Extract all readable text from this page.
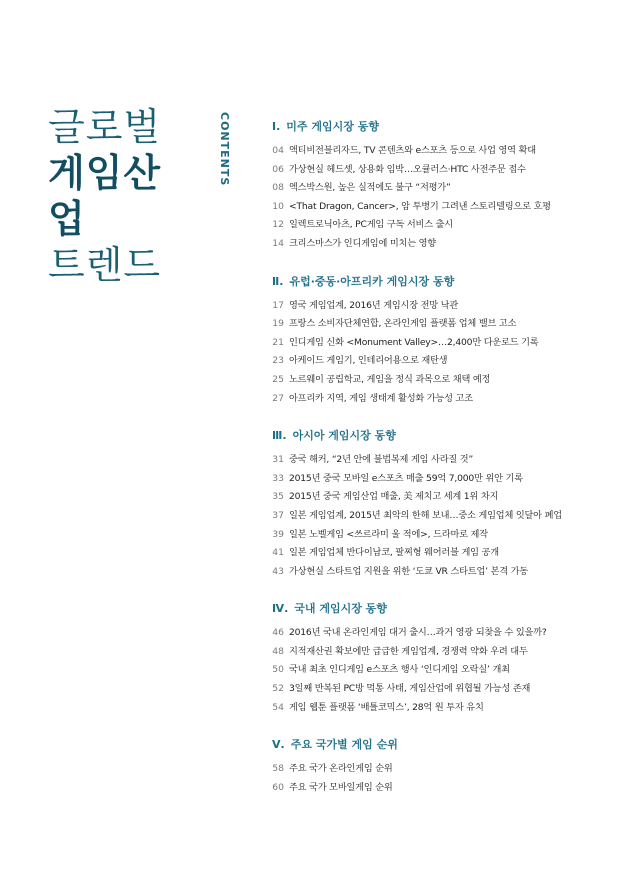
글로벌
게임산업
트렌드
CONTENTS	Ⅰ. 미주 게임시장 동향
04 액티비전블리자드, TV 콘텐츠와 e스포츠 등으로 사업 영역 확대
06 가상현실 헤드셋, 상용화 임박…오큘러스·HTC 사전주문 접수
08 엑스박스원, 높은 실적에도 불구 “저평가”
10 <That Dragon, Cancer>, 암 투병기 그려낸 스토리텔링으로 호평
12 일렉트로닉아츠, PC게임 구독 서비스 출시
14 크리스마스가 인디게임에 미치는 영향
Ⅱ. 유럽·중동·아프리카 게임시장 동향
17 영국 게임업계, 2016년 게임시장 전망 낙관
19 프랑스 소비자단체연합, 온라인게임 플랫폼 업체 밸브 고소
21 인디게임 신화 <Monument Valley>…2,400만 다운로드 기록
23 아케이드 게임기, 인테리어용으로 재탄생
25 노르웨이 공립학교, 게임을 정식 과목으로 채택 예정
27 아프리카 지역, 게임 생태계 활성화 가능성 고조
Ⅲ. 아시아 게임시장 동향
31 중국 해커, “2년 안에 불법복제 게임 사라질 것”
33 2015년 중국 모바일 e스포츠 매출 59억 7,000만 위안 기록
35 2015년 중국 게임산업 매출, 美 제치고 세계 1위 차지
37 일본 게임업계, 2015년 최악의 한해 보내…중소 게임업체 잇달아 폐업
39 일본 노벨게임 <쓰르라미 울 적에>, 드라마로 제작
41 일본 게임업체 반다이남코, 팔찌형 웨어러블 게임 공개
43 가상현실 스타트업 지원을 위한 ‘도쿄 VR 스타트업’ 본격 가동
Ⅳ. 국내 게임시장 동향
46 2016년 국내 온라인게임 대거 출시…과거 영광 되찾을 수 있을까?
48 지적재산권 확보에만 급급한 게임업계, 경쟁력 약화 우려 대두
50 국내 최초 인디게임 e스포츠 행사 ‘인디게임 오락실’ 개최
52 3일째 반복된 PC방 먹통 사태, 게임산업에 위협될 가능성 존재
54 게임 웹툰 플랫폼 ‘배틀코믹스’, 28억 원 투자 유치
Ⅴ. 주요 국가별 게임 순위
58 주요 국가 온라인게임 순위
60 주요 국가 모바일게임 순위
